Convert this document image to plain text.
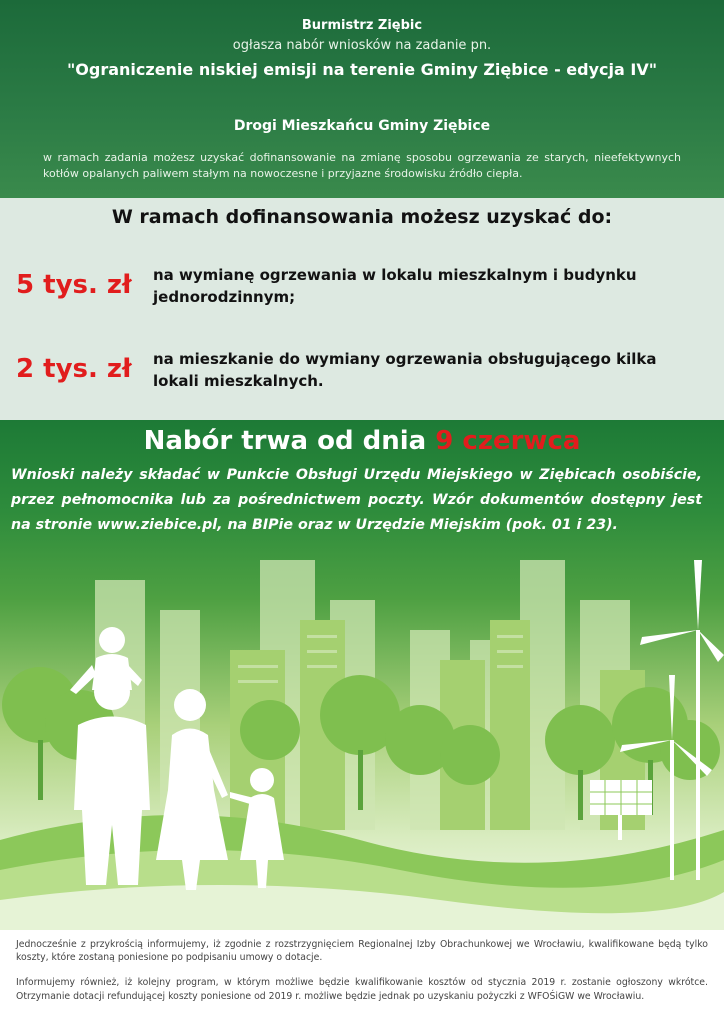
Burmistrz Ziębic
ogłasza nabór wniosków na zadanie pn.
"Ograniczenie niskiej emisji na terenie Gminy Ziębice - edycja IV"
Drogi Mieszkańcu Gminy Ziębice
w ramach zadania możesz uzyskać dofinansowanie na zmianę sposobu ogrzewania ze starych, nieefektywnych kotłów opalanych paliwem stałym na nowoczesne i przyjazne środowisku źródło ciepła.
W ramach dofinansowania możesz uzyskać do:
5 tys. zł na wymianę ogrzewania w lokalu mieszkalnym i budynku jednorodzinnym;
2 tys. zł na mieszkanie do wymiany ogrzewania obsługującego kilka lokali mieszkalnych.
Nabór trwa od dnia 9 czerwca
Wnioski należy składać w Punkcie Obsługi Urzędu Miejskiego w Ziębicach osobiście, przez pełnomocnika lub za pośrednictwem poczty. Wzór dokumentów dostępny jest na stronie www.ziebice.pl, na BIPie oraz w Urzędzie Miejskim (pok. 01 i 23).
Jednocześnie z przykrością informujemy, iż zgodnie z rozstrzygnięciem Regionalnej Izby Obrachunkowej we Wrocławiu, kwalifikowane będą tylko koszty, które zostaną poniesione po podpisaniu umowy o dotacje.
Informujemy również, iż kolejny program, w którym możliwe będzie kwalifikowanie kosztów od stycznia 2019 r. zostanie ogłoszony wkrótce. Otrzymanie dotacji refundującej koszty poniesione od 2019 r. możliwe będzie jednak po uzyskaniu pożyczki z WFOŚiGW we Wrocławiu.
